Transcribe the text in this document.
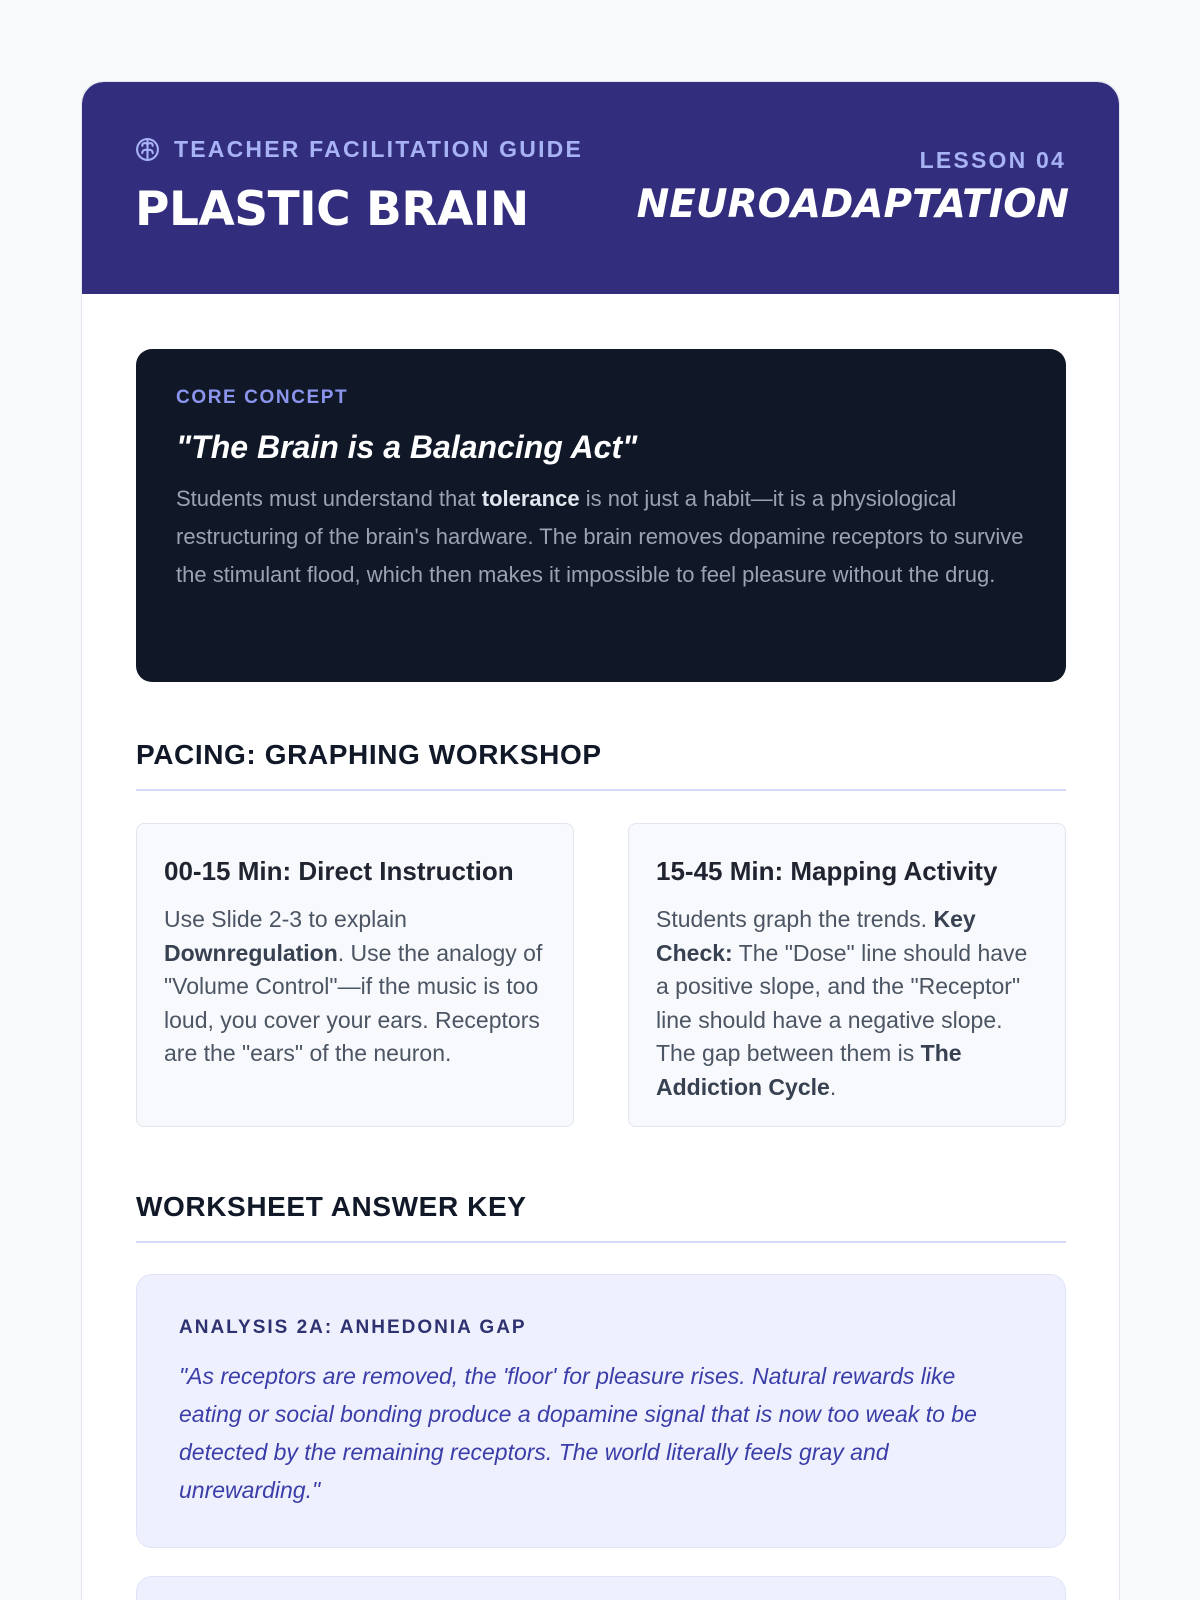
TEACHER FACILITATION GUIDE
PLASTIC BRAIN
LESSON 04
NEUROADAPTATION
CORE CONCEPT
"The Brain is a Balancing Act"

Students must understand that tolerance is not just a habit—it is a physiological restructuring of the brain's hardware. The brain removes dopamine receptors to survive the stimulant flood, which then makes it impossible to feel pleasure without the drug.

PACING: GRAPHING WORKSHOP
00-15 Min: Direct Instruction

Use Slide 2-3 to explain Downregulation. Use the analogy of "Volume Control"—if the music is too loud, you cover your ears. Receptors are the "ears" of the neuron.

15-45 Min: Mapping Activity

Students graph the trends. Key Check: The "Dose" line should have a positive slope, and the "Receptor" line should have a negative slope. The gap between them is The Addiction Cycle.

WORKSHEET ANSWER KEY
ANALYSIS 2A: ANHEDONIA GAP

"As receptors are removed, the 'floor' for pleasure rises. Natural rewards like eating or social bonding produce a dopamine signal that is now too weak to be detected by the remaining receptors. The world literally feels gray and unrewarding."
